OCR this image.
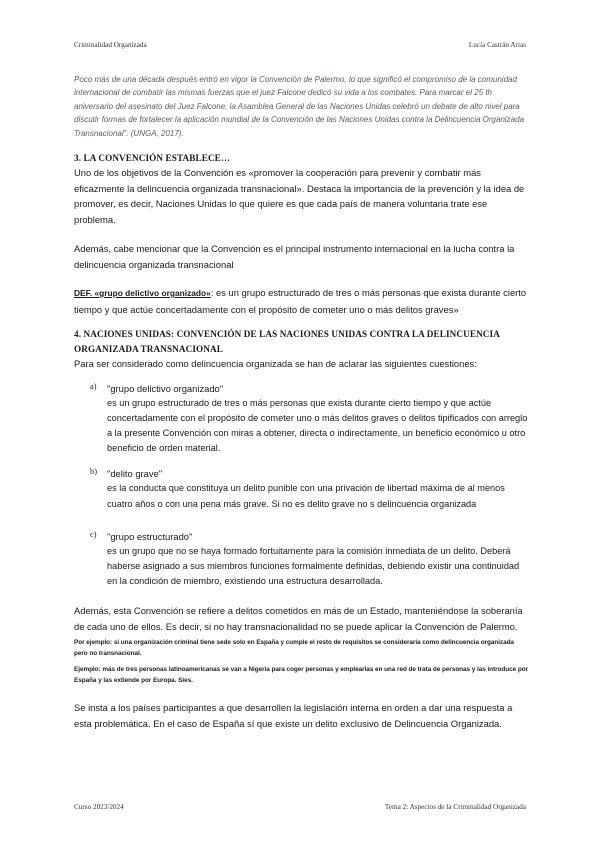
Criminalidad Organizada	Lucía Castrán Arias
Poco más de una década después entró en vigor la Convención de Palermo, lo que significó el compromiso de la comunidad internacional de combatir las mismas fuerzas que el juez Falcone dedicó su vida a los combates. Para marcar el 25 th aniversario del asesinato del Juez Falcone, la Asamblea General de las Naciones Unidas celebró un debate de alto nivel para discutir formas de fortalecer la aplicación mundial de la Convención de las Naciones Unidas contra la Delincuencia Organizada Transnacional”. (UNGA, 2017).
3. LA CONVENCIÓN ESTABLECE…
Uno de los objetivos de la Convención es «promover la cooperación para prevenir y combatir más eficazmente la delincuencia organizada transnacional». Destaca la importancia de la prevención y la idea de promover, es decir, Naciones Unidas lo que quiere es que cada país de manera voluntaria trate ese problema.
Además, cabe mencionar que la Convención es el principal instrumento internacional en la lucha contra la delincuencia organizada transnacional
DEF. «grupo delictivo organizado»: es un grupo estructurado de tres o más personas que exista durante cierto tiempo y que actúe concertadamente con el propósito de cometer uno o más delitos graves»
4. NACIONES UNIDAS: CONVENCIÓN DE LAS NACIONES UNIDAS CONTRA LA DELINCUENCIA ORGANIZADA TRANSNACIONAL
Para ser considerado como delincuencia organizada se han de aclarar las siguientes cuestiones:
a) "grupo delictivo organizado"
es un grupo estructurado de tres o más personas que exista durante cierto tiempo y que actúe concertadamente con el propósito de cometer uno o más delitos graves o delitos tipificados con arreglo a la presente Convención con miras a obtener, directa o indirectamente, un beneficio económico u otro beneficio de orden material.
b) "delito grave"
es la conducta que constituya un delito punible con una privación de libertad máxima de al menos cuatro años o con una pena más grave. Si no es delito grave no s delincuencia organizada
c) "grupo estructurado"
es un grupo que no se haya formado fortuitamente para la comisión inmediata de un delito. Deberá haberse asignado a sus miembros funciones formalmente definidas, debiendo existir una continuidad en la condición de miembro, existiendo una estructura desarrollada.
Además, esta Convención se refiere a delitos cometidos en más de un Estado, manteniéndose la soberanía de cada uno de ellos. Es decir, si no hay transnacionalidad no se puede aplicar la Convención de Palermo.
Por ejemplo: si una organización criminal tiene sede solo en España y cumple el resto de requisitos se consideraría como delincuencia organizada pero no transnacional.
Ejemplo: más de tres personas latinoamericanas se van a Nigeria para coger personas y emplearlas en una red de trata de personas y las introduce por España y las extiende por Europa. Sies.
Se insta a los países participantes a que desarrollen la legislación interna en orden a dar una respuesta a esta problemática. En el caso de España sí que existe un delito exclusivo de Delincuencia Organizada.
Curso 2023/2024	Tema 2: Aspectos de la Criminalidad Organizada
